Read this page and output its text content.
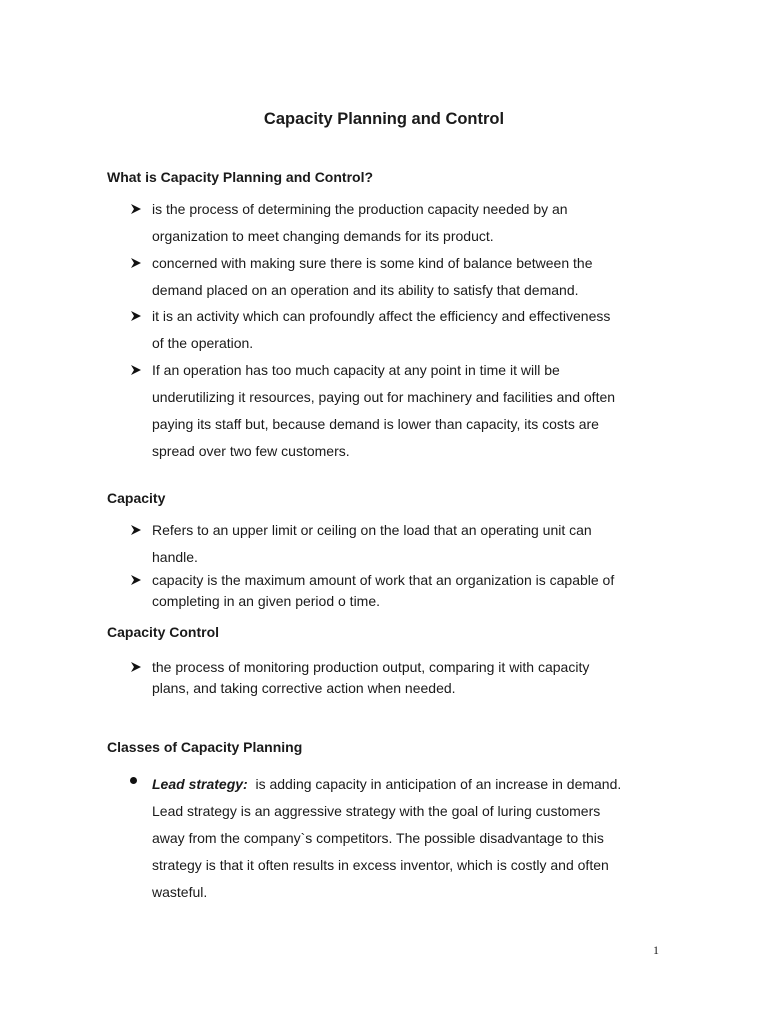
Capacity Planning and Control
What is Capacity Planning and Control?
is the process of determining the production capacity needed by an
organization to meet changing demands for its product.
concerned with making sure there is some kind of balance between the
demand placed on an operation and its ability to satisfy that demand.
it is an activity which can profoundly affect the efficiency and effectiveness
of the operation.
If an operation has too much capacity at any point in time it will be
underutilizing it resources, paying out for machinery and facilities and often
paying its staff but, because demand is lower than capacity, its costs are
spread over two few customers.
Capacity
Refers to an upper limit or ceiling on the load that an operating unit can
handle.
capacity is the maximum amount of work that an organization is capable of
completing in an given period o time.
Capacity Control
the process of monitoring production output, comparing it with capacity
plans, and taking corrective action when needed.
Classes of Capacity Planning
Lead strategy:  is adding capacity in anticipation of an increase in demand.
Lead strategy is an aggressive strategy with the goal of luring customers
away from the company`s competitors. The possible disadvantage to this
strategy is that it often results in excess inventor, which is costly and often
wasteful.
1
